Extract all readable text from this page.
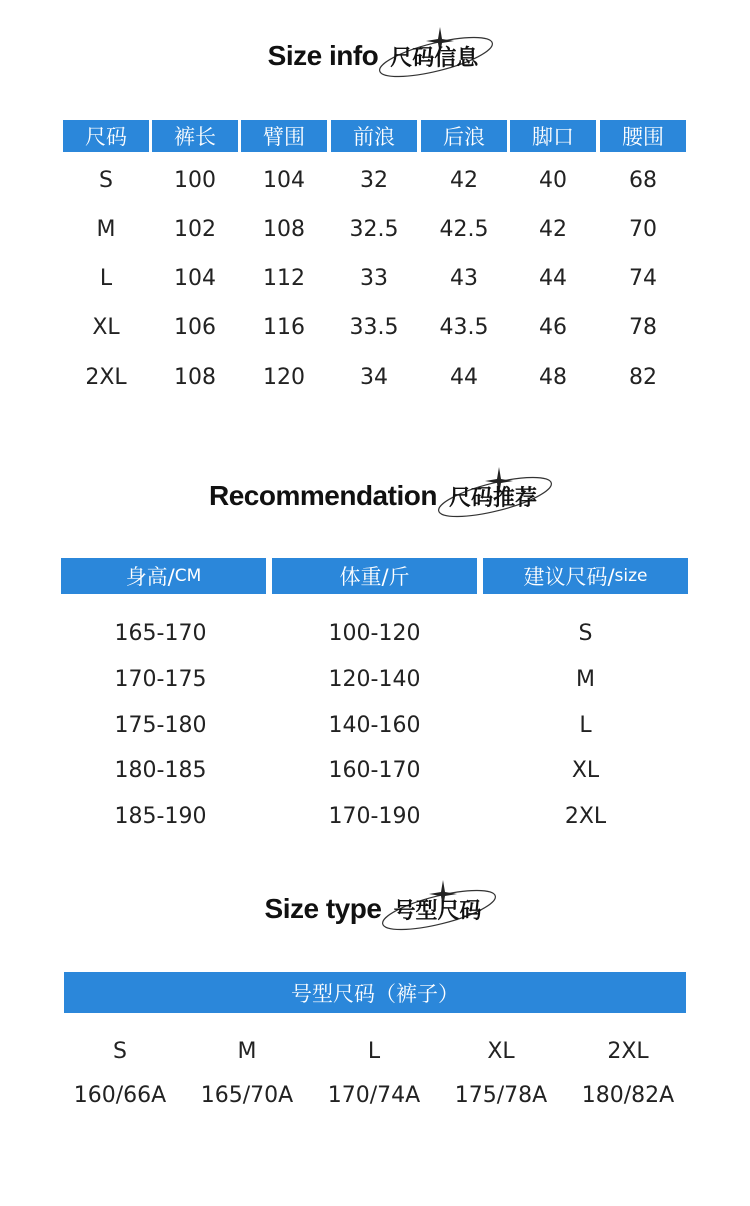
Size info 尺码信息
尺码	裤长	臂围	前浪	后浪	脚口	腰围
S	100	104	32	42	40	68
M	102	108	32.5	42.5	42	70
L	104	112	33	43	44	74
XL	106	116	33.5	43.5	46	78
2XL	108	120	34	44	48	82
Recommendation 尺码推荐
身高/ CM	体重/斤	建议尺码/ size
165-170	100-120	S
170-175	120-140	M
175-180	140-160	L
180-185	160-170	XL
185-190	170-190	2XL
Size type 号型尺码
号型尺码（裤子）
S	M	L	XL	2XL
160/66A	165/70A	170/74A	175/78A	180/82A
